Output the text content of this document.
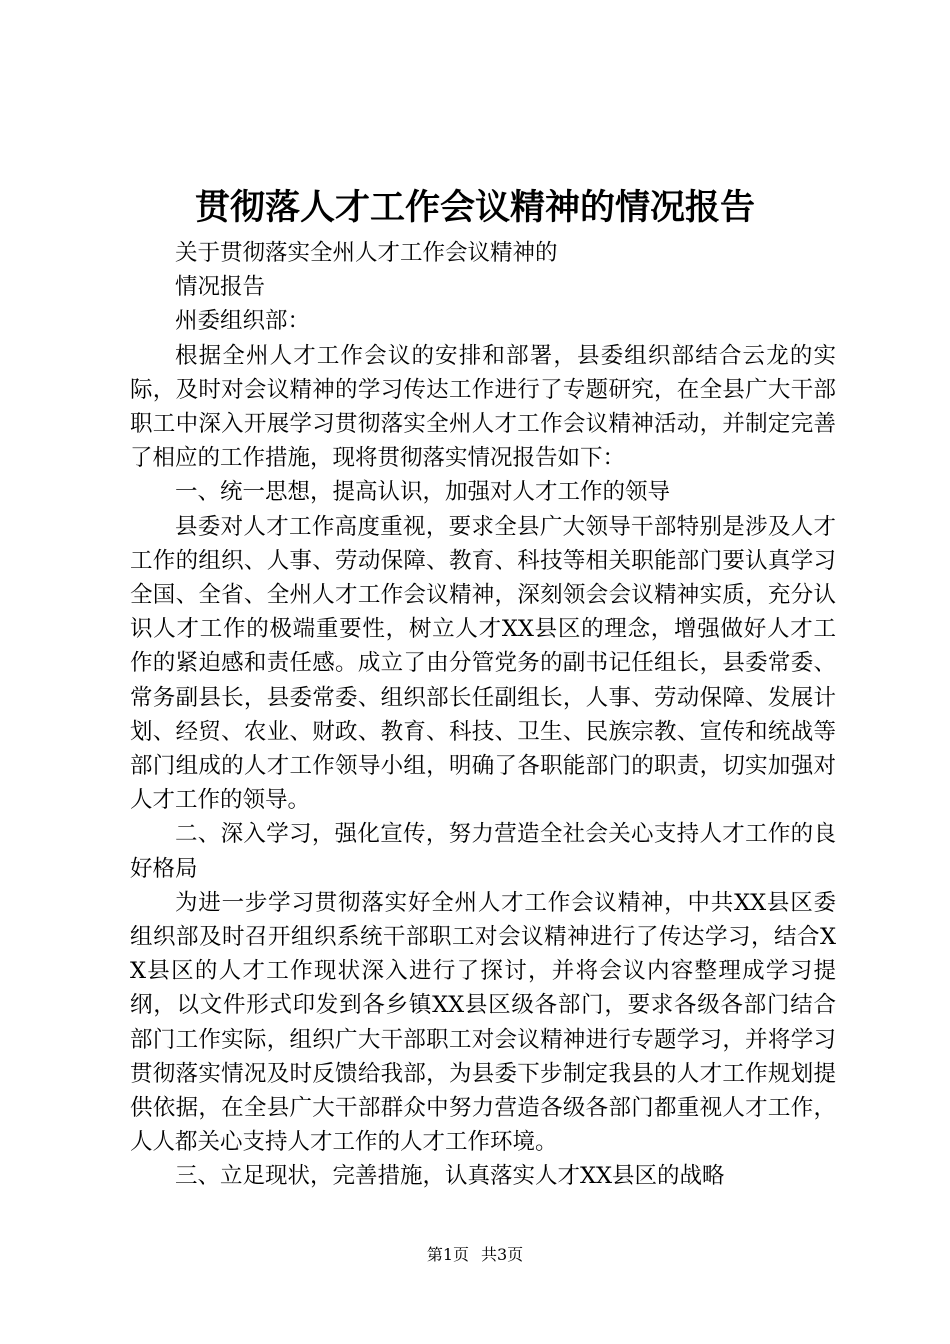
贯彻落人才工作会议精神的情况报告

关于贯彻落实全州人才工作会议精神的

情况报告

州委组织部：

根据全州人才工作会议的安排和部署，县委组织部结合云龙的实际，及时对会议精神的学习传达工作进行了专题研究，在全县广大干部职工中深入开展学习贯彻落实全州人才工作会议精神活动，并制定完善了相应的工作措施，现将贯彻落实情况报告如下：

一、统一思想，提高认识，加强对人才工作的领导

县委对人才工作高度重视，要求全县广大领导干部特别是涉及人才工作的组织、人事、劳动保障、教育、科技等相关职能部门要认真学习全国、全省、全州人才工作会议精神，深刻领会会议精神实质，充分认识人才工作的极端重要性，树立人才XX县区的理念，增强做好人才工作的紧迫感和责任感。成立了由分管党务的副书记任组长，县委常委、常务副县长，县委常委、组织部长任副组长，人事、劳动保障、发展计划、经贸、农业、财政、教育、科技、卫生、民族宗教、宣传和统战等部门组成的人才工作领导小组，明确了各职能部门的职责，切实加强对人才工作的领导。

二、深入学习，强化宣传，努力营造全社会关心支持人才工作的良好格局

为进一步学习贯彻落实好全州人才工作会议精神，中共XX县区委组织部及时召开组织系统干部职工对会议精神进行了传达学习，结合XX县区的人才工作现状深入进行了探讨，并将会议内容整理成学习提纲，以文件形式印发到各乡镇XX县区级各部门，要求各级各部门结合部门工作实际，组织广大干部职工对会议精神进行专题学习，并将学习贯彻落实情况及时反馈给我部，为县委下步制定我县的人才工作规划提供依据，在全县广大干部群众中努力营造各级各部门都重视人才工作，人人都关心支持人才工作的人才工作环境。

三、立足现状，完善措施，认真落实人才XX县区的战略

第1页 共3页
